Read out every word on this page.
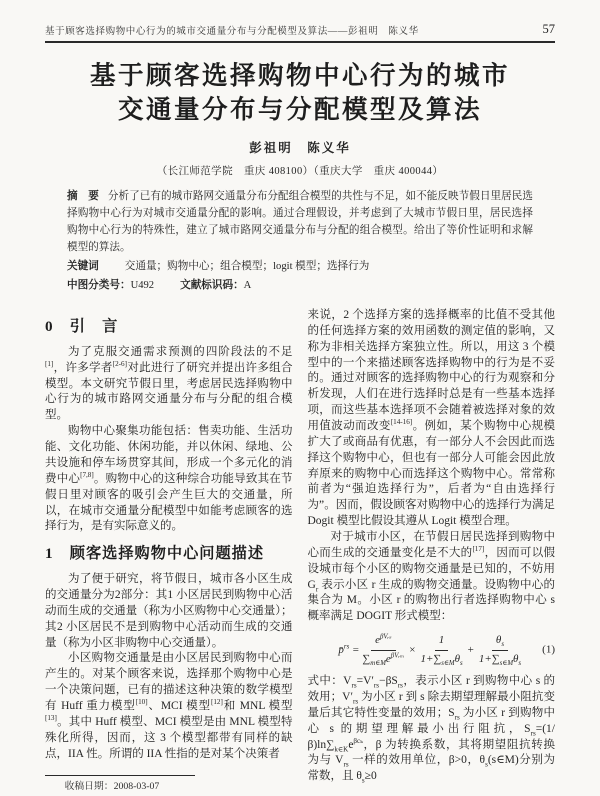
基于顾客选择购物中心行为的城市交通量分布与分配模型及算法——彭祖明　陈义华	57
基于顾客选择购物中心行为的城市
交通量分布与分配模型及算法
彭祖明　陈义华
（长江师范学院　重庆 408100）（重庆大学　重庆 400044）
摘　要 分析了已有的城市路网交通量分布分配组合模型的共性与不足，如不能反映节假日里居民选择购物中心行为对城市交通量分配的影响。通过合理假设，并考虑到了大城市节假日里，居民选择购物中心行为的特殊性，建立了城市路网交通量分布与分配的组合模型。给出了等价性证明和求解模型的算法。
关键词 交通量；购物中心；组合模型；logit 模型；选择行为
中图分类号：U492 文献标识码：A
0　引　言

为了克服交通需求预测的四阶段法的不足[1]，许多学者[2-6]对此进行了研究并提出许多组合模型。本文研究节假日里，考虑居民选择购物中心行为的城市路网交通量分布与分配的组合模型。

购物中心聚集功能包括：售卖功能、生活功能、文化功能、休闲功能，并以休闲、绿地、公共设施和停车场贯穿其间，形成一个多元化的消费中心[7,8]。购物中心的这种综合功能导致其在节假日里对顾客的吸引会产生巨大的交通量，所以，在城市交通量分配模型中如能考虑顾客的选择行为，是有实际意义的。

1　顾客选择购物中心问题描述

为了便于研究，将节假日，城市各小区生成的交通量分为2部分：其1 小区居民到购物中心活动而生成的交通量（称为小区购物中心交通量）；其2 小区居民不是到购物中心活动而生成的交通量（称为小区非购物中心交通量）。

小区购物交通量是由小区居民到购物中心而产生的。对某个顾客来说，选择那个购物中心是一个决策问题，已有的描述这种决策的数学模型有 Huff 重力模型[10]、MCI 模型[12]和 MNL 模型[13]。其中 Huff 模型、MCI 模型是由 MNL 模型特殊化所得，因而，这 3 个模型都带有同样的缺点，IIA 性。所谓的 IIA 性指的是对某个决策者

收稿日期：2008-03-07

来说，2 个选择方案的选择概率的比值不受其他的任何选择方案的效用函数的测定值的影响，又称为非相关选择方案独立性。所以，用这 3 个模型中的一个来描述顾客选择购物中的行为是不妥的。通过对顾客的选择购物中心的行为观察和分析发现，人们在进行选择时总是有一些基本选择项，而这些基本选择项不会随着被选择对象的效用值波动而改变[14-16]。例如，某个购物中心规模扩大了或商品有优惠，有一部分人不会因此而选择这个购物中心，但也有一部分人可能会因此放弃原来的购物中心而选择这个购物中心。常常称前者为“强迫选择行为”，后者为“自由选择行为”。因而，假设顾客对购物中心的选择行为满足 Dogit 模型比假设其遵从 Logit 模型合理。

对于城市小区，在节假日居民选择到购物中心而生成的交通量变化是不大的[17]，因而可以假设城市每个小区的购物交通量是已知的，不妨用 $G_r$ 表示小区 r 生成的购物交通量。设购物中心的集合为 M。小区 r 的购物出行者选择购物中心 s 概率满足 DOGIT 形式模型：

p̄$^{rs}$ = $\frac{e^{\beta Vᵣ_s}}{\sum_{m\in M}e^{\beta Vᵣ_m}} \times \frac{1}{1+\sum_{s\in M}\theta_s} + \frac{\theta_s}{1+\sum_{s\in M}\theta_s} (1)$

式中：$V_{rs}=V'_{rs}-\beta S_{rs}$，表示小区 r 到购物中心 s 的效用；$V'_{rs}$ 为小区 r 到 s 除去期望理解最小阻抗变量后其它特性变量的效用；$S_{rs}$ 为小区 r 到购物中心 s 的期望理解最小出行阻抗，$S_{rs}=(1/\beta)\ln\sum_{k\in K}e^{\beta c_k}$，β 为转换系数，其将期望阻抗转换为与 $V_{rs}$ 一样的效用单位，β>0，$\theta_s(s\in M)$分别为常数，且 $\theta_s\ge 0$
